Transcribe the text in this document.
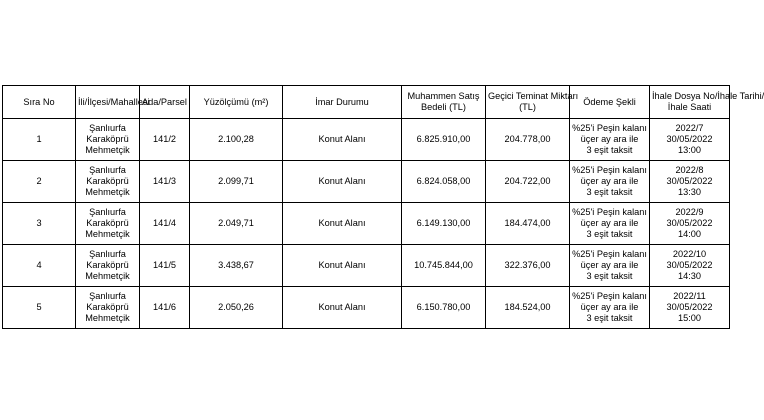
Sıra No	İli/İlçesi/Mahallesi	Ada/Parsel	Yüzölçümü (m²)	İmar Durumu	Muhammen Satış
Bedeli (TL)	Geçici Teminat Miktarı
(TL)	Ödeme Şekli	İhale Dosya No/İhale Tarihi/
İhale Saati

1	Şanlıurfa
Karaköprü
Mehmetçik	141/2	2.100,28	Konut Alanı	6.825.910,00	204.778,00	%25'i Peşin kalanı
üçer ay ara ile
3 eşit taksit	2022/7
30/05/2022
13:00

2	Şanlıurfa
Karaköprü
Mehmetçik	141/3	2.099,71	Konut Alanı	6.824.058,00	204.722,00	%25'i Peşin kalanı
üçer ay ara ile
3 eşit taksit	2022/8
30/05/2022
13:30

3	Şanlıurfa
Karaköprü
Mehmetçik	141/4	2.049,71	Konut Alanı	6.149.130,00	184.474,00	%25'i Peşin kalanı
üçer ay ara ile
3 eşit taksit	2022/9
30/05/2022
14:00

4	Şanlıurfa
Karaköprü
Mehmetçik	141/5	3.438,67	Konut Alanı	10.745.844,00	322.376,00	%25'i Peşin kalanı
üçer ay ara ile
3 eşit taksit	2022/10
30/05/2022
14:30

5	Şanlıurfa
Karaköprü
Mehmetçik	141/6	2.050,26	Konut Alanı	6.150.780,00	184.524,00	%25'i Peşin kalanı
üçer ay ara ile
3 eşit taksit	2022/11
30/05/2022
15:00
